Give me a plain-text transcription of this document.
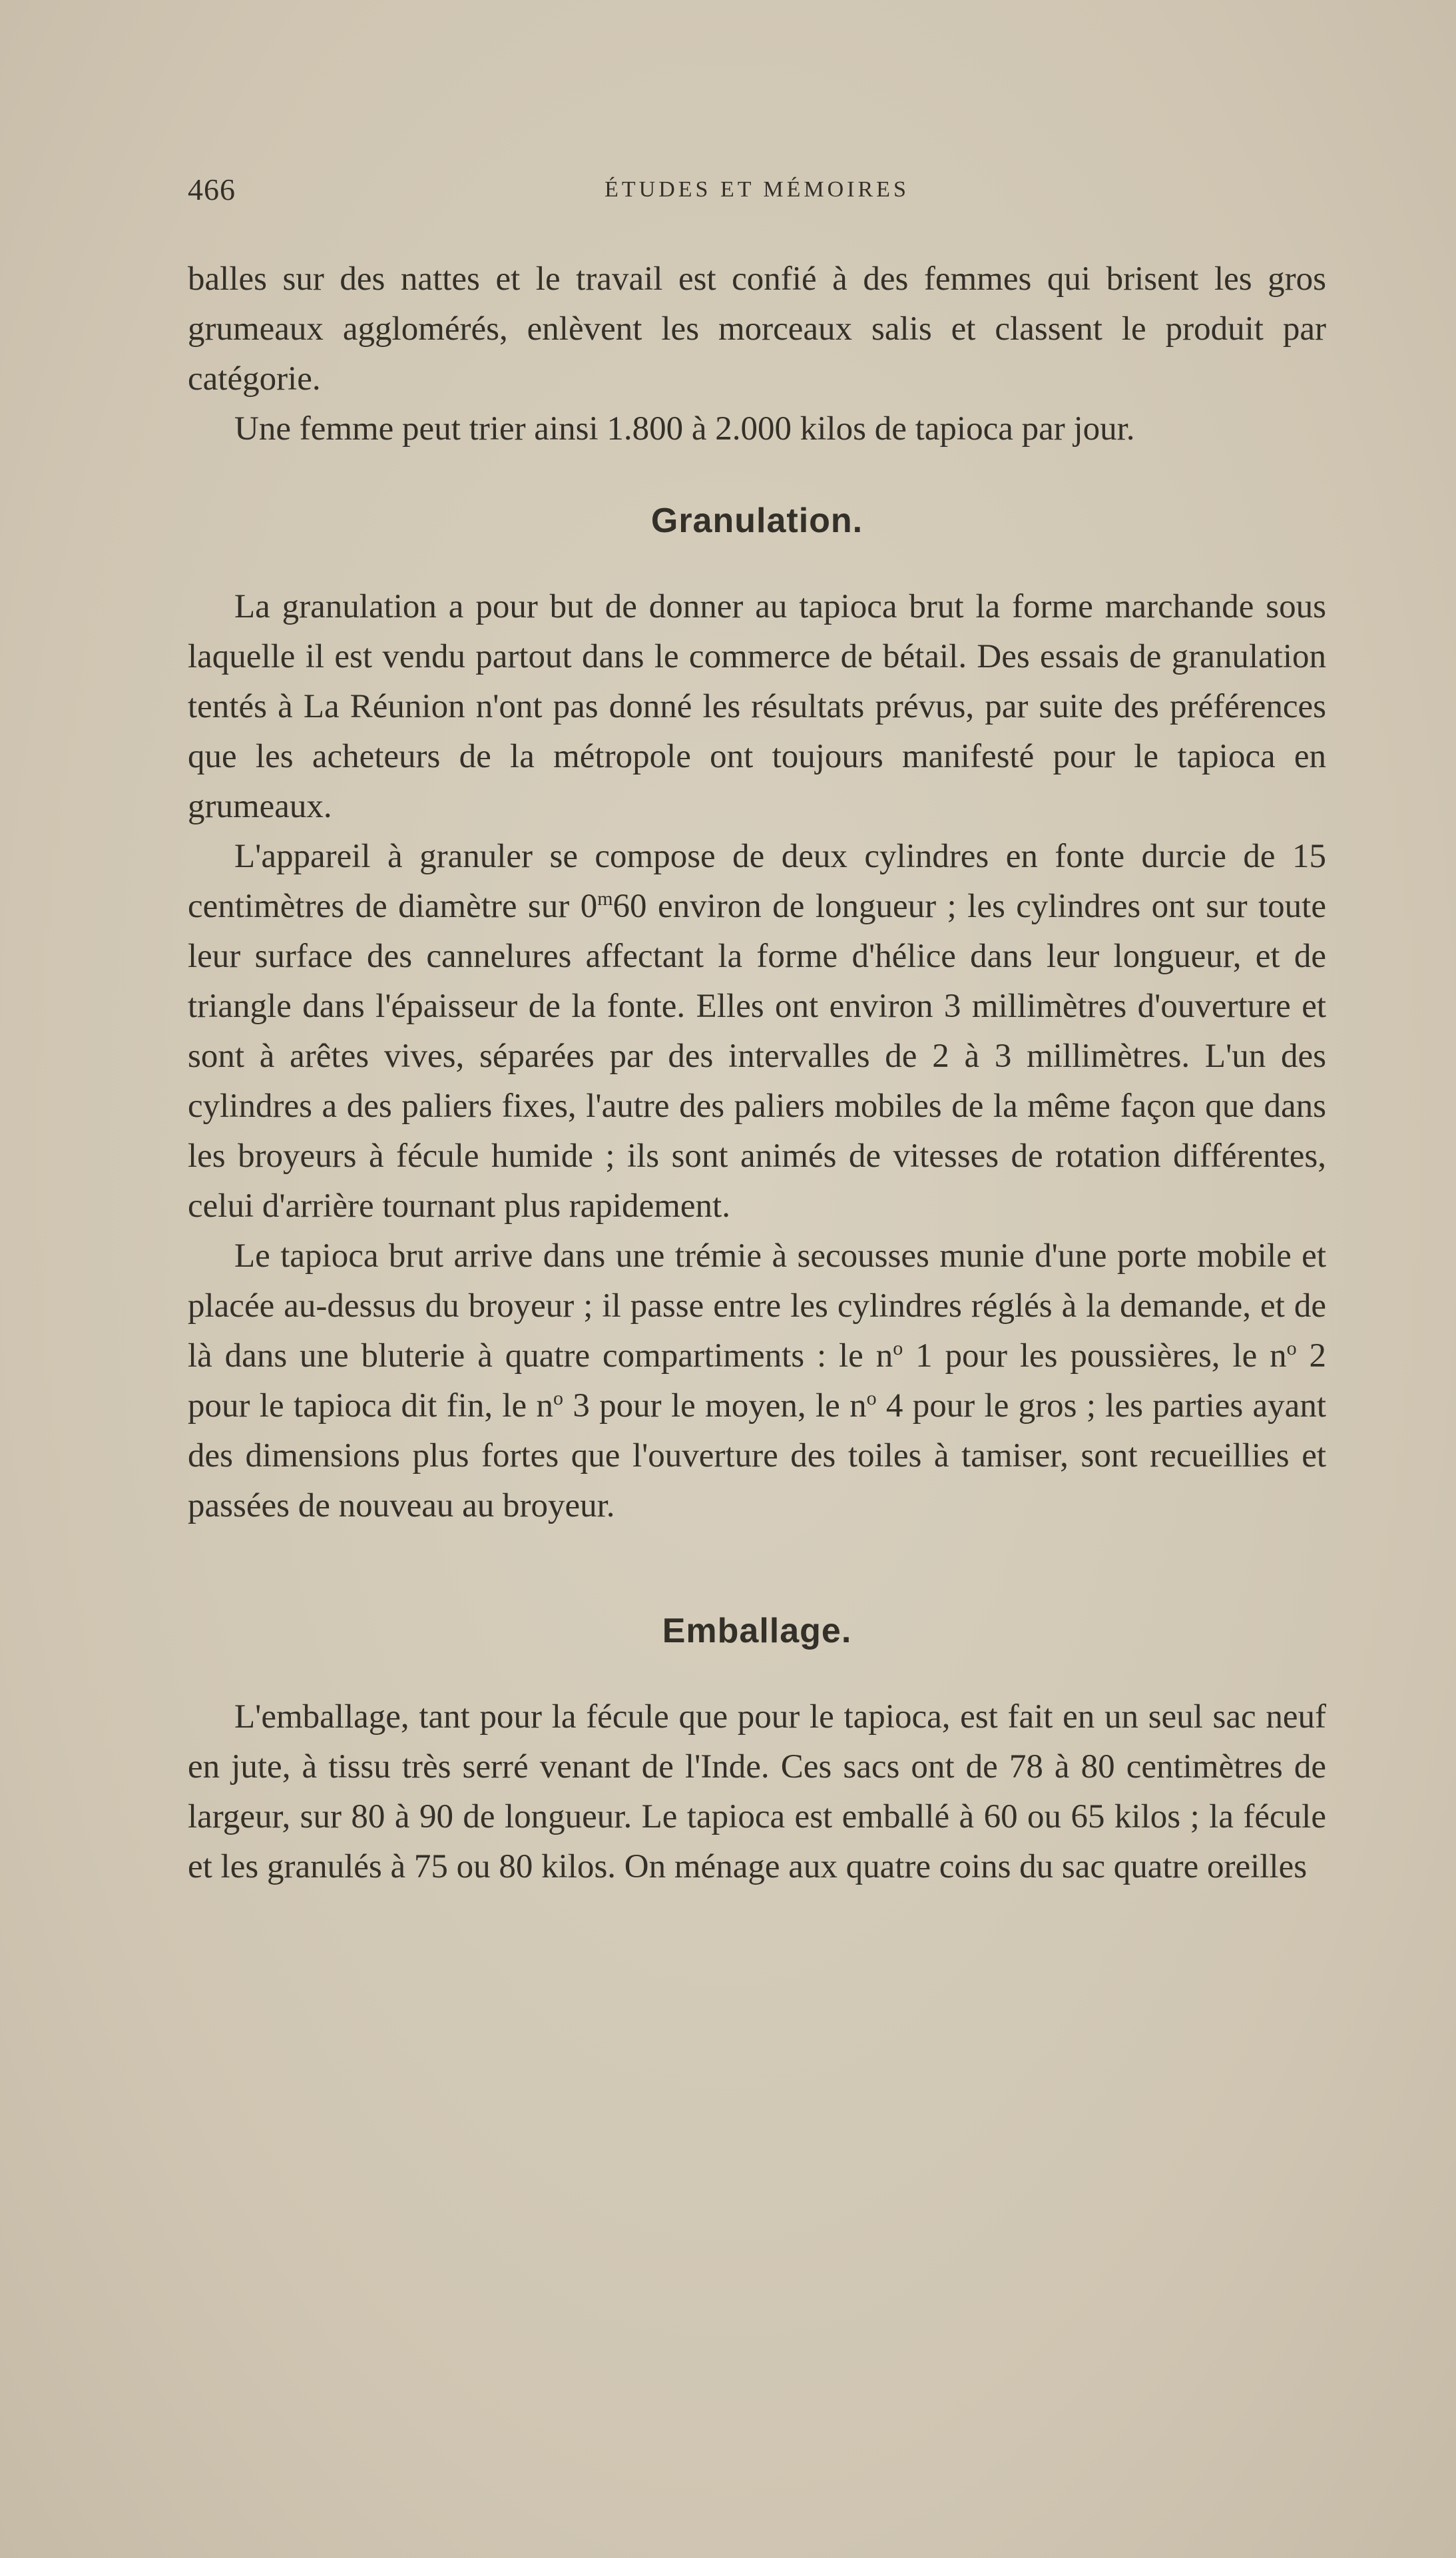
466	ÉTUDES ET MÉMOIRES

balles sur des nattes et le travail est confié à des femmes qui brisent les gros grumeaux agglomérés, enlèvent les morceaux salis et classent le produit par catégorie.

Une femme peut trier ainsi 1.800 à 2.000 kilos de tapioca par jour.

Granulation.

La granulation a pour but de donner au tapioca brut la forme marchande sous laquelle il est vendu partout dans le commerce de bétail. Des essais de granulation tentés à La Réunion n'ont pas donné les résultats prévus, par suite des préférences que les acheteurs de la métropole ont toujours manifesté pour le tapioca en grumeaux.

L'appareil à granuler se compose de deux cylindres en fonte durcie de 15 centimètres de diamètre sur 0$^m$60 environ de longueur ; les cylindres ont sur toute leur surface des cannelures affectant la forme d'hélice dans leur longueur, et de triangle dans l'épaisseur de la fonte. Elles ont environ 3 millimètres d'ouverture et sont à arêtes vives, séparées par des intervalles de 2 à 3 millimètres. L'un des cylindres a des paliers fixes, l'autre des paliers mobiles de la même façon que dans les broyeurs à fécule humide ; ils sont animés de vitesses de rotation différentes, celui d'arrière tournant plus rapidement.

Le tapioca brut arrive dans une trémie à secousses munie d'une porte mobile et placée au-dessus du broyeur ; il passe entre les cylindres réglés à la demande, et de là dans une bluterie à quatre compartiments : le $n^o$ 1 pour les poussières, le $n^o$ 2 pour le tapioca dit fin, le $n^o$ 3 pour le moyen, le $n^o$ 4 pour le gros ; les parties ayant des dimensions plus fortes que l'ouverture des toiles à tamiser, sont recueillies et passées de nouveau au broyeur.

Emballage.

L'emballage, tant pour la fécule que pour le tapioca, est fait en un seul sac neuf en jute, à tissu très serré venant de l'Inde. Ces sacs ont de 78 à 80 centimètres de largeur, sur 80 à 90 de longueur. Le tapioca est emballé à 60 ou 65 kilos ; la fécule et les granulés à 75 ou 80 kilos. On ménage aux quatre coins du sac quatre oreilles
